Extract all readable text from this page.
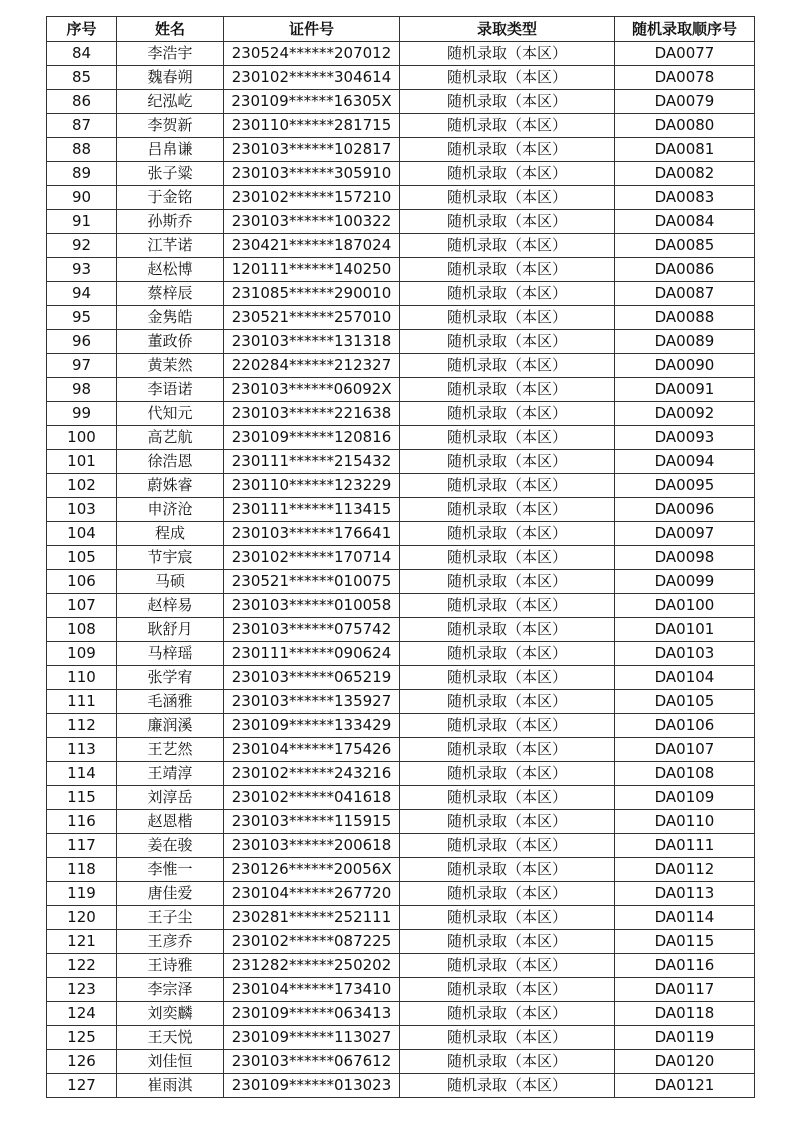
序号	姓名	证件号	录取类型	随机录取顺序号
84	李浩宇	230524******207012	随机录取（本区）	DA0077
85	魏春朔	230102******304614	随机录取（本区）	DA0078
86	纪泓屹	230109******16305X	随机录取（本区）	DA0079
87	李贺新	230110******281715	随机录取（本区）	DA0080
88	吕帛谦	230103******102817	随机录取（本区）	DA0081
89	张子粱	230103******305910	随机录取（本区）	DA0082
90	于金铭	230102******157210	随机录取（本区）	DA0083
91	孙斯乔	230103******100322	随机录取（本区）	DA0084
92	江芊诺	230421******187024	随机录取（本区）	DA0085
93	赵松博	120111******140250	随机录取（本区）	DA0086
94	蔡梓辰	231085******290010	随机录取（本区）	DA0087
95	金隽皓	230521******257010	随机录取（本区）	DA0088
96	董政侨	230103******131318	随机录取（本区）	DA0089
97	黄茉然	220284******212327	随机录取（本区）	DA0090
98	李语诺	230103******06092X	随机录取（本区）	DA0091
99	代知元	230103******221638	随机录取（本区）	DA0092
100	高艺航	230109******120816	随机录取（本区）	DA0093
101	徐浩恩	230111******215432	随机录取（本区）	DA0094
102	蔚姝睿	230110******123229	随机录取（本区）	DA0095
103	申济沧	230111******113415	随机录取（本区）	DA0096
104	程成	230103******176641	随机录取（本区）	DA0097
105	节宇宸	230102******170714	随机录取（本区）	DA0098
106	马硕	230521******010075	随机录取（本区）	DA0099
107	赵梓易	230103******010058	随机录取（本区）	DA0100
108	耿舒月	230103******075742	随机录取（本区）	DA0101
109	马梓瑶	230111******090624	随机录取（本区）	DA0103
110	张学宥	230103******065219	随机录取（本区）	DA0104
111	毛涵雅	230103******135927	随机录取（本区）	DA0105
112	廉润溪	230109******133429	随机录取（本区）	DA0106
113	王艺然	230104******175426	随机录取（本区）	DA0107
114	王靖淳	230102******243216	随机录取（本区）	DA0108
115	刘淳岳	230102******041618	随机录取（本区）	DA0109
116	赵恩楷	230103******115915	随机录取（本区）	DA0110
117	姜在骏	230103******200618	随机录取（本区）	DA0111
118	李惟一	230126******20056X	随机录取（本区）	DA0112
119	唐佳爱	230104******267720	随机录取（本区）	DA0113
120	王子尘	230281******252111	随机录取（本区）	DA0114
121	王彦乔	230102******087225	随机录取（本区）	DA0115
122	王诗雅	231282******250202	随机录取（本区）	DA0116
123	李宗泽	230104******173410	随机录取（本区）	DA0117
124	刘奕麟	230109******063413	随机录取（本区）	DA0118
125	王天悦	230109******113027	随机录取（本区）	DA0119
126	刘佳恒	230103******067612	随机录取（本区）	DA0120
127	崔雨淇	230109******013023	随机录取（本区）	DA0121
